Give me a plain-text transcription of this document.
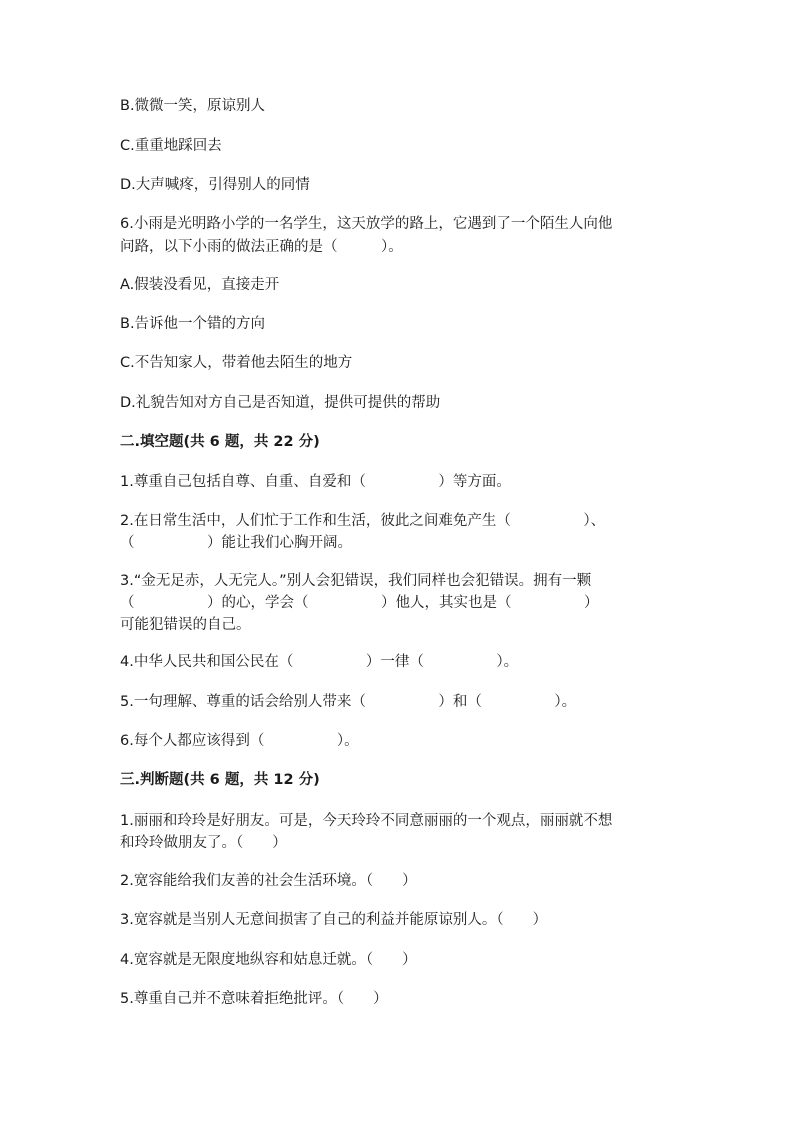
B.微微一笑，原谅别人

C.重重地踩回去

D.大声喊疼，引得别人的同情

6.小雨是光明路小学的一名学生，这天放学的路上，它遇到了一个陌生人向他

问路，以下小雨的做法正确的是（　　　）。

A.假装没看见，直接走开

B.告诉他一个错的方向

C.不告知家人，带着他去陌生的地方

D.礼貌告知对方自己是否知道，提供可提供的帮助

二.填空题(共 6 题，共 22 分)

1.尊重自己包括自尊、自重、自爱和（　　　　　）等方面。

2.在日常生活中，人们忙于工作和生活，彼此之间难免产生（　　　　　）、

（　　　　　）能让我们心胸开阔。

3.“金无足赤，人无完人。”别人会犯错误，我们同样也会犯错误。拥有一颗

（　　　　　）的心，学会（　　　　　）他人，其实也是（　　　　　）

可能犯错误的自己。

4.中华人民共和国公民在（　　　　　）一律（　　　　　）。

5.一句理解、尊重的话会给别人带来（　　　　　）和（　　　　　）。

6.每个人都应该得到（　　　　　）。

三.判断题(共 6 题，共 12 分)

1.丽丽和玲玲是好朋友。可是，今天玲玲不同意丽丽的一个观点，丽丽就不想

和玲玲做朋友了。（　　）

2.宽容能给我们友善的社会生活环境。（　　）

3.宽容就是当别人无意间损害了自己的利益并能原谅别人。（　　）

4.宽容就是无限度地纵容和姑息迁就。（　　）

5.尊重自己并不意味着拒绝批评。（　　）
